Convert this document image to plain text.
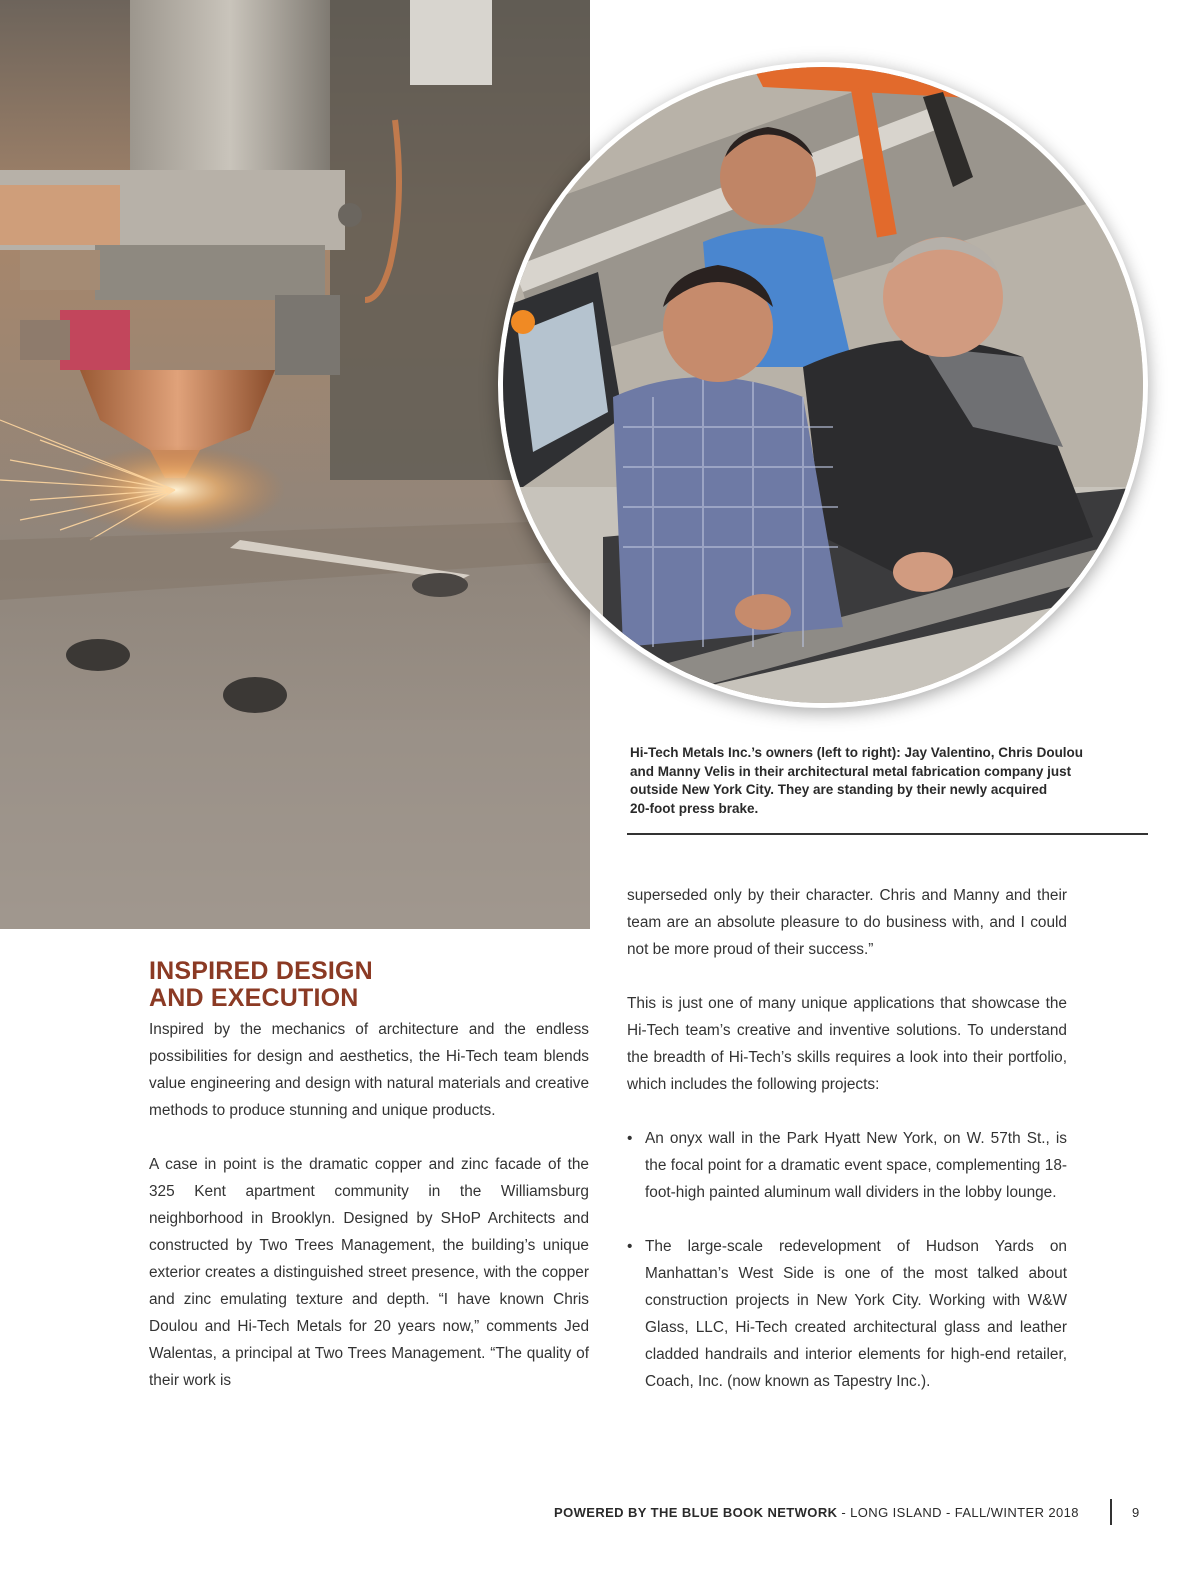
Hi-Tech Metals Inc.’s owners (left to right): Jay Valentino, Chris Doulou

and Manny Velis in their architectural metal fabrication company just

outside New York City. They are standing by their newly acquired

20-foot press brake.

INSPIRED DESIGN
AND EXECUTION

Inspired by the mechanics of architecture and the endless possibilities for design and aesthetics, the Hi-Tech team blends value engineering and design with natural materials and creative methods to produce stunning and unique products.

A case in point is the dramatic copper and zinc facade of the 325 Kent apartment community in the Williamsburg neighborhood in Brooklyn. Designed by SHoP Architects and constructed by Two Trees Management, the building’s unique exterior creates a distinguished street presence, with the copper and zinc emulating texture and depth. “I have known Chris Doulou and Hi-Tech Metals for 20 years now,” comments Jed Walentas, a principal at Two Trees Management. “The quality of their work is

superseded only by their character. Chris and Manny and their team are an absolute pleasure to do business with, and I could not be more proud of their success.”

This is just one of many unique applications that showcase the Hi-Tech team’s creative and inventive solutions. To understand the breadth of Hi-Tech’s skills requires a look into their portfolio, which includes the following projects:

• An onyx wall in the Park Hyatt New York, on W. 57th St., is the focal point for a dramatic event space, complementing 18-foot-high painted aluminum wall dividers in the lobby lounge.
• The large-scale redevelopment of Hudson Yards on Manhattan’s West Side is one of the most talked about construction projects in New York City. Working with W&W Glass, LLC, Hi-Tech created architectural glass and leather cladded handrails and interior elements for high-end retailer, Coach, Inc. (now known as Tapestry Inc.).
POWERED BY THE BLUE BOOK NETWORK - LONG ISLAND - FALL/WINTER 2018	9
